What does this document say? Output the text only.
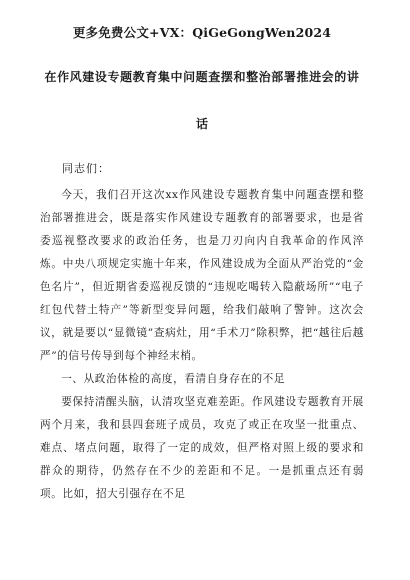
更多免费公文+VX：QiGeGongWen2024
在作风建设专题教育集中问题查摆和整治部署推进会的讲
话
同志们：

今天，我们召开这次xx作风建设专题教育集中问题查摆和整治部署推进会，既是落实作风建设专题教育的部署要求，也是省委巡视整改要求的政治任务，也是刀刃向内自我革命的作风淬炼。中央八项规定实施十年来，作风建设成为全面从严治党的“金色名片”，但近期省委巡视反馈的“违规吃喝转入隐蔽场所”“电子红包代替土特产”等新型变异问题，给我们敲响了警钟。这次会议，就是要以“显微镜”查病灶，用“手术刀”除积弊，把“越往后越严”的信号传导到每个神经末梢。

一、从政治体检的高度，看清自身存在的不足

要保持清醒头脑，认清攻坚克难差距。作风建设专题教育开展两个月来，我和县四套班子成员，攻克了或正在攻坚一批重点、难点、堵点问题，取得了一定的成效，但严格对照上级的要求和群众的期待，仍然存在不少的差距和不足。一是抓重点还有弱项。比如，招大引强存在不足
